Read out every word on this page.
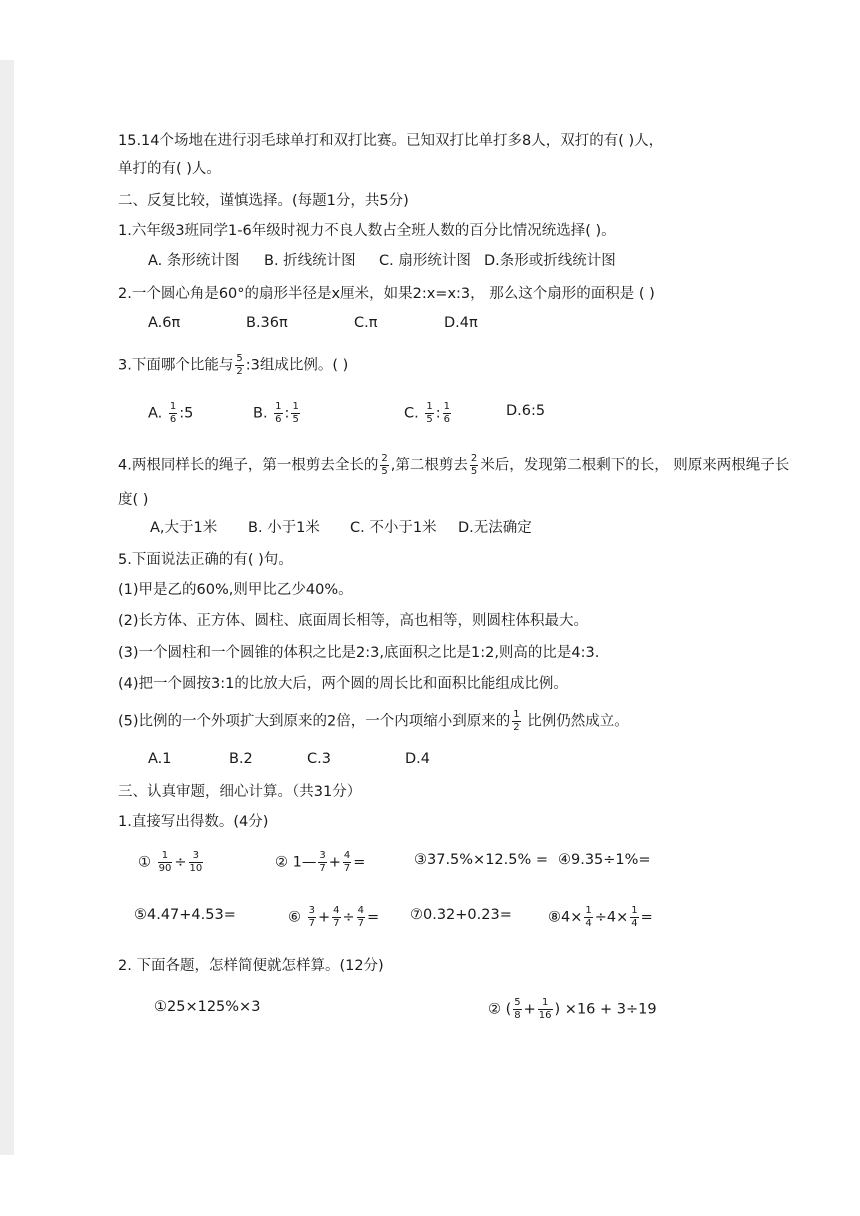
15.14个场地在进行羽毛球单打和双打比赛。已知双打比单打多8人，双打的有( )人，
单打的有( )人。
二、反复比较，谨慎选择。(每题1分，共5分)
1.六年级3班同学1-6年级时视力不良人数占全班人数的百分比情况统选择( )。
A. 条形统计图 B. 折线统计图 C. 扇形统计图 D.条形或折线统计图
2.一个圆心角是60°的扇形半径是x厘米，如果2:x=x:3， 那么这个扇形的面积是 ( )
A.6π	B.36π	C.π	D.4π
3.下面哪个比能与 $\frac{5}{2}$ :3组成比例。( )
A. $\frac{1}{6}$ :5	B. $\frac{1}{6}$ : $\frac{1}{5}$	C. $\frac{1}{5}$ : $\frac{1}{6}$	D.6:5
4.两根同样长的绳子，第一根剪去全长的 $\frac{2}{5}$ ,第二根剪去 $\frac{2}{5}$ 米后，发现第二根剩下的长， 则原来两根绳子长
度( )
A,大于1米 B. 小于1米 C. 不小于1米 D.无法确定
5.下面说法正确的有( )句。
(1)甲是乙的60%,则甲比乙少40%。
(2)长方体、正方体、圆柱、底面周长相等，高也相等，则圆柱体积最大。
(3)一个圆柱和一个圆锥的体积之比是2:3,底面积之比是1:2,则高的比是4:3.
(4)把一个圆按3:1的比放大后，两个圆的周长比和面积比能组成比例。
(5)比例的一个外项扩大到原来的2倍，一个内项缩小到原来的 $\frac{1}{2}$ 比例仍然成立。
A.1	B.2	C.3	D.4
三、认真审题，细心计算。（共31分）
1.直接写出得数。(4分)
① $\frac{1}{90} \div \frac{3}{10}$	② 1— $\frac{3}{7} + \frac{4}{7}$ =	③37.5%×12.5% = ④9.35÷1%=
⑤4.47+4.53=	⑥ $\frac{3}{7} + \frac{4}{7} \div \frac{4}{7}$ = ⑦0.32+0.23= ⑧4× $\frac{1}{4} \div 4\times \frac{1}{4}$ =
2. 下面各题，怎样简便就怎样算。(12分)
①25×125%×3	② ( $\frac{5}{8} + \frac{1}{16}$ ) ×16 + 3÷19
